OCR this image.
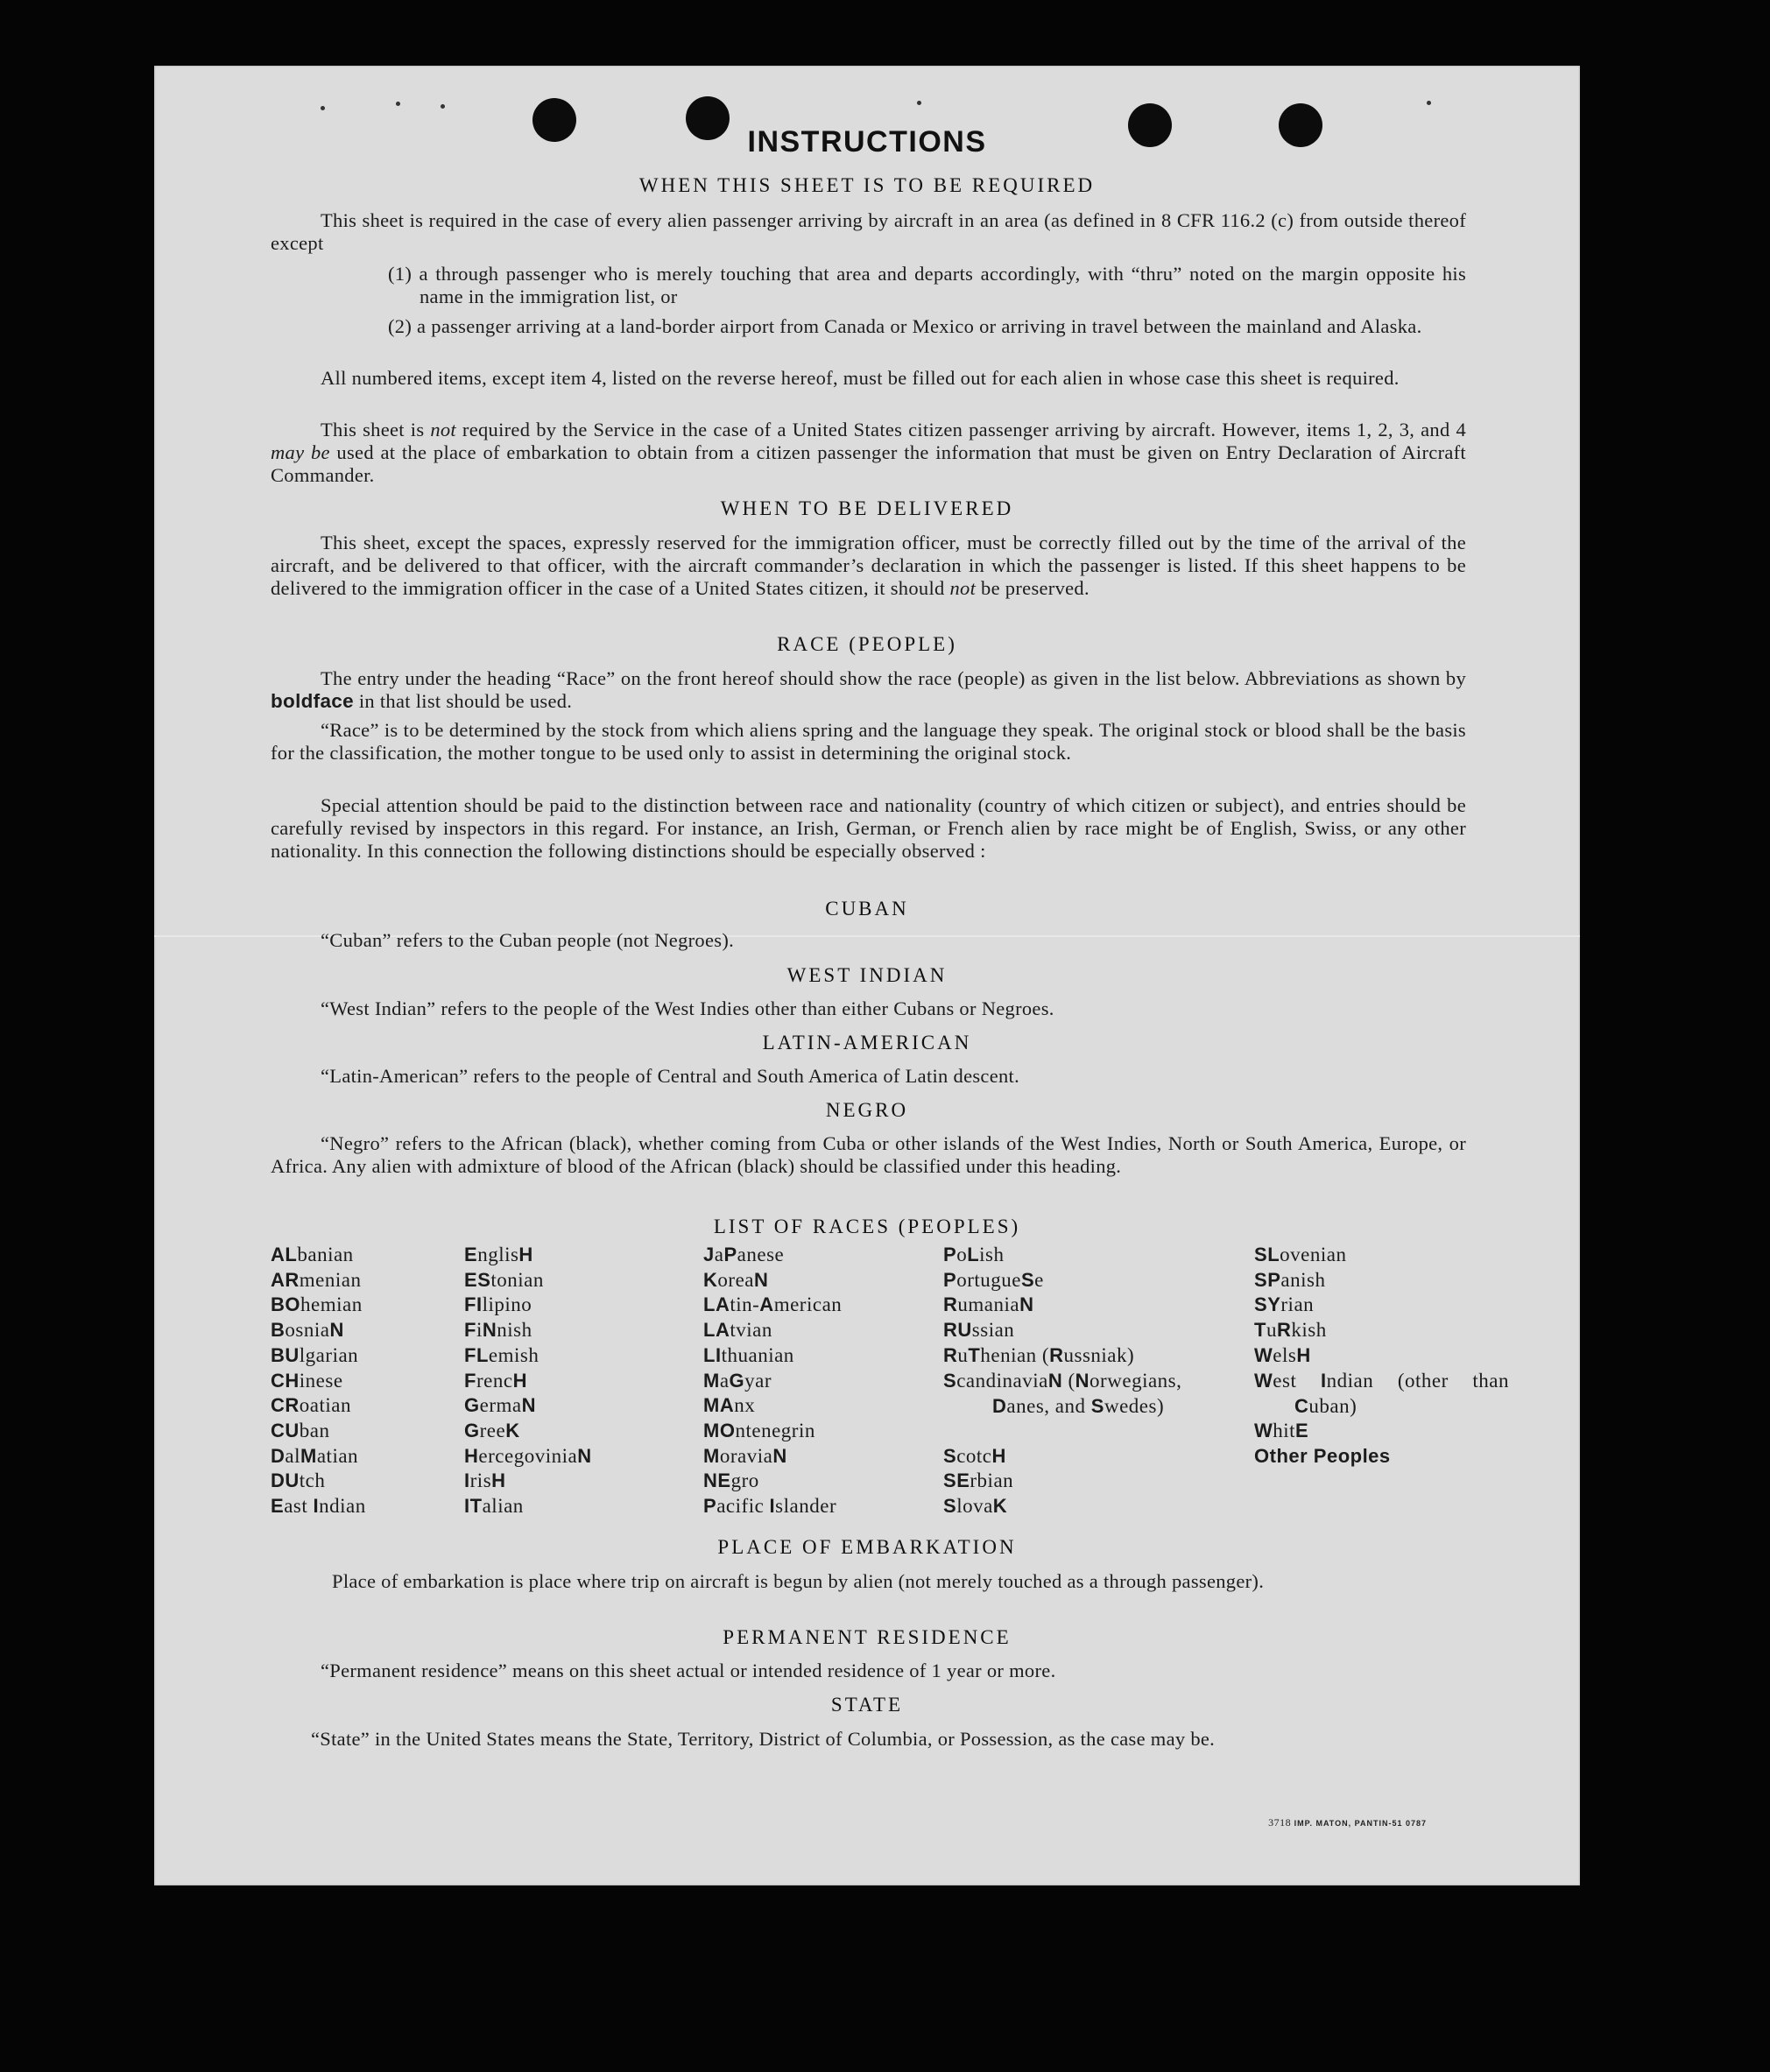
INSTRUCTIONS
WHEN THIS SHEET IS TO BE REQUIRED
This sheet is required in the case of every alien passenger arriving by aircraft in an area (as defined in 8 CFR 116.2 (c) from outside thereof except
(1) a through passenger who is merely touching that area and departs accordingly, with “thru” noted on the margin opposite his name in the immigration list, or
(2) a passenger arriving at a land-border airport from Canada or Mexico or arriving in travel between the mainland and Alaska.
All numbered items, except item 4, listed on the reverse hereof, must be filled out for each alien in whose case this sheet is required.
This sheet is not required by the Service in the case of a United States citizen passenger arriving by aircraft. However, items 1, 2, 3, and 4 may be used at the place of embarkation to obtain from a citizen passenger the information that must be given on Entry Declaration of Aircraft Commander.
WHEN TO BE DELIVERED
This sheet, except the spaces, expressly reserved for the immigration officer, must be correctly filled out by the time of the arrival of the aircraft, and be delivered to that officer, with the aircraft commander’s declaration in which the passenger is listed. If this sheet happens to be delivered to the immigration officer in the case of a United States citizen, it should not be preserved.
RACE (PEOPLE)
The entry under the heading “Race” on the front hereof should show the race (people) as given in the list below. Abbreviations as shown by boldface in that list should be used.
“Race” is to be determined by the stock from which aliens spring and the language they speak. The original stock or blood shall be the basis for the classification, the mother tongue to be used only to assist in determining the original stock.
Special attention should be paid to the distinction between race and nationality (country of which citizen or subject), and entries should be carefully revised by inspectors in this regard. For instance, an Irish, German, or French alien by race might be of English, Swiss, or any other nationality. In this connection the following distinctions should be especially observed :
CUBAN
“Cuban” refers to the Cuban people (not Negroes).
WEST INDIAN
“West Indian” refers to the people of the West Indies other than either Cubans or Negroes.
LATIN-AMERICAN
“Latin-American” refers to the people of Central and South America of Latin descent.
NEGRO
“Negro” refers to the African (black), whether coming from Cuba or other islands of the West Indies, North or South America, Europe, or Africa. Any alien with admixture of blood of the African (black) should be classified under this heading.
LIST OF RACES (PEOPLES)
ALbanian
ARmenian
BOhemian
BosniaN
BUlgarian
CHinese
CRoatian
CUban
DalMatian
DUtch
East Indian
EnglisH
EStonian
FIlipino
FiNnish
FLemish
FrencH
GermaN
GreeK
HercegoviniaN
IrisH
ITalian
JaPanese
KoreaN
LAtin-American
LAtvian
LIthuanian
MaGyar
MAnx
MOntenegrin
MoraviaN
NEgro
Pacific Islander
PoLish
PortugueSe
RumaniaN
RUssian
RuThenian (Russniak)
ScandinaviaN (Norwegians, Danes, and Swedes)
ScotcH
SErbian
SlovaK
SLovenian
SPanish
SYrian
TuRkish
WelsH
West Indian (other than Cuban)
WhitE
Other Peoples
PLACE OF EMBARKATION
Place of embarkation is place where trip on aircraft is begun by alien (not merely touched as a through passenger).
PERMANENT RESIDENCE
“Permanent residence” means on this sheet actual or intended residence of 1 year or more.
STATE
“State” in the United States means the State, Territory, District of Columbia, or Possession, as the case may be.
3718 IMP. MATON, PANTIN-51 0787
